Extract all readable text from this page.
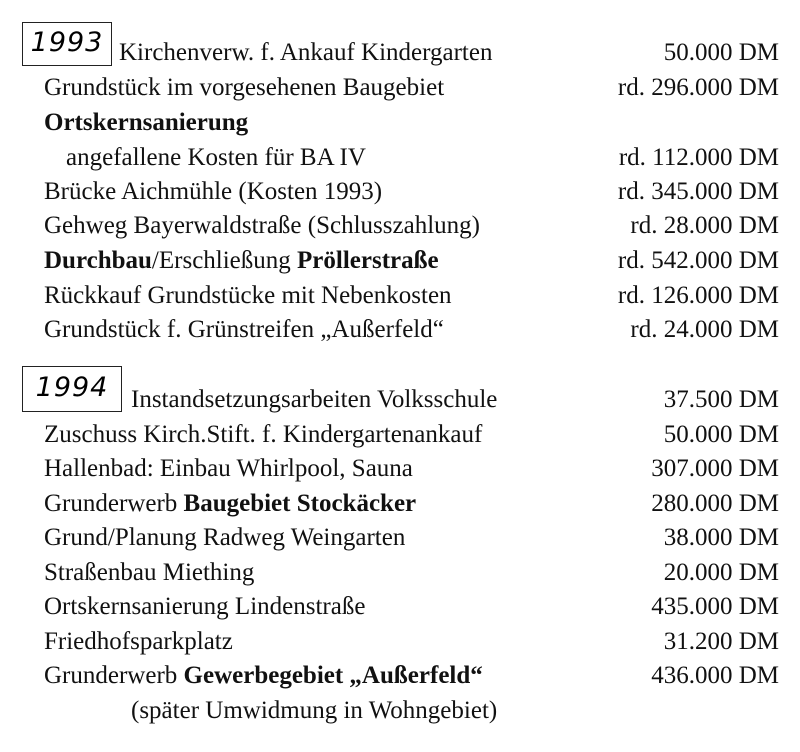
1993 Kirchenverw. f. Ankauf Kindergarten	50.000 DM
Grundstück im vorgesehenen Baugebiet	rd. 296.000 DM
Ortskernsanierung
angefallene Kosten für BA IV	rd. 112.000 DM
Brücke Aichmühle (Kosten 1993)	rd. 345.000 DM
Gehweg Bayerwaldstraße (Schlusszahlung)	rd. 28.000 DM
Durchbau/Erschließung Pröllerstraße	rd. 542.000 DM
Rückkauf Grundstücke mit Nebenkosten	rd. 126.000 DM
Grundstück f. Grünstreifen „Außerfeld“	rd. 24.000 DM
1994 Instandsetzungsarbeiten Volksschule	37.500 DM
Zuschuss Kirch.Stift. f. Kindergartenankauf	50.000 DM
Hallenbad: Einbau Whirlpool, Sauna	307.000 DM
Grunderwerb Baugebiet Stockäcker	280.000 DM
Grund/Planung Radweg Weingarten	38.000 DM
Straßenbau Miething	20.000 DM
Ortskernsanierung Lindenstraße	435.000 DM
Friedhofsparkplatz	31.200 DM
Grunderwerb Gewerbegebiet „Außerfeld“	436.000 DM
(später Umwidmung in Wohngebiet)
